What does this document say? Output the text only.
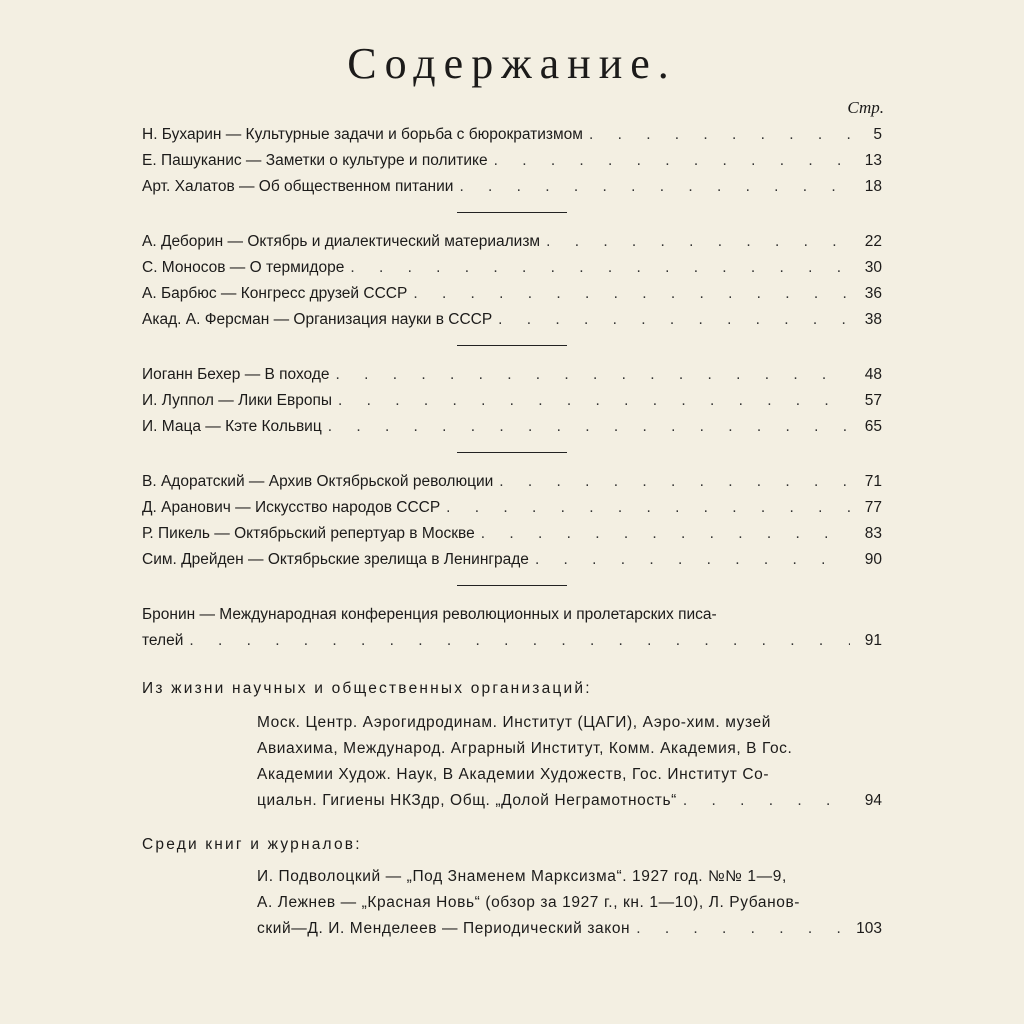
Содержание.
Стр.
Н. Бухарин — Культурные задачи и борьба с бюрократизмом . . .	5
Е. Пашуканис — Заметки о культуре и политике . . .	13
Арт. Халатов — Об общественном питании . . .	18
А. Деборин — Октябрь и диалектический материализм . . .	22
С. Моносов — О термидоре . . .	30
А. Барбюс — Конгресс друзей СССР . . .	36
Акад. А. Ферсман — Организация науки в СССР . . .	38
Иоганн Бехер — В походе . . .	48
И. Луппол — Лики Европы . . .	57
И. Маца — Кэте Кольвиц . . .	65
В. Адоратский — Архив Октябрьской революции . . .	71
Д. Аранович — Искусство народов СССР . . .	77
Р. Пикель — Октябрьский репертуар в Москве . . .	83
Сим. Дрейден — Октябрьские зрелища в Ленинграде . . .	90
Бронин — Международная конференция революционных и пролетарских писа-
телей . . .	91
Из жизни научных и общественных организаций:
Моск. Центр. Аэрогидродинам. Институт (ЦАГИ), Аэро-хим. музей
Авиахима, Международ. Аграрный Институт, Комм. Академия, В Гос.
Академии Худож. Наук, В Академии Художеств, Гос. Институт Со-
циальн. Гигиены НКЗдр, Общ. „Долой Неграмотность“ . . .	94
Среди книг и журналов:
И. Подволоцкий — „Под Знаменем Марксизма“. 1927 год. №№ 1—9,
А. Лежнев — „Красная Новь“ (обзор за 1927 г., кн. 1—10), Л. Рубанов-
ский—Д. И. Менделеев — Периодический закон . . .	103
